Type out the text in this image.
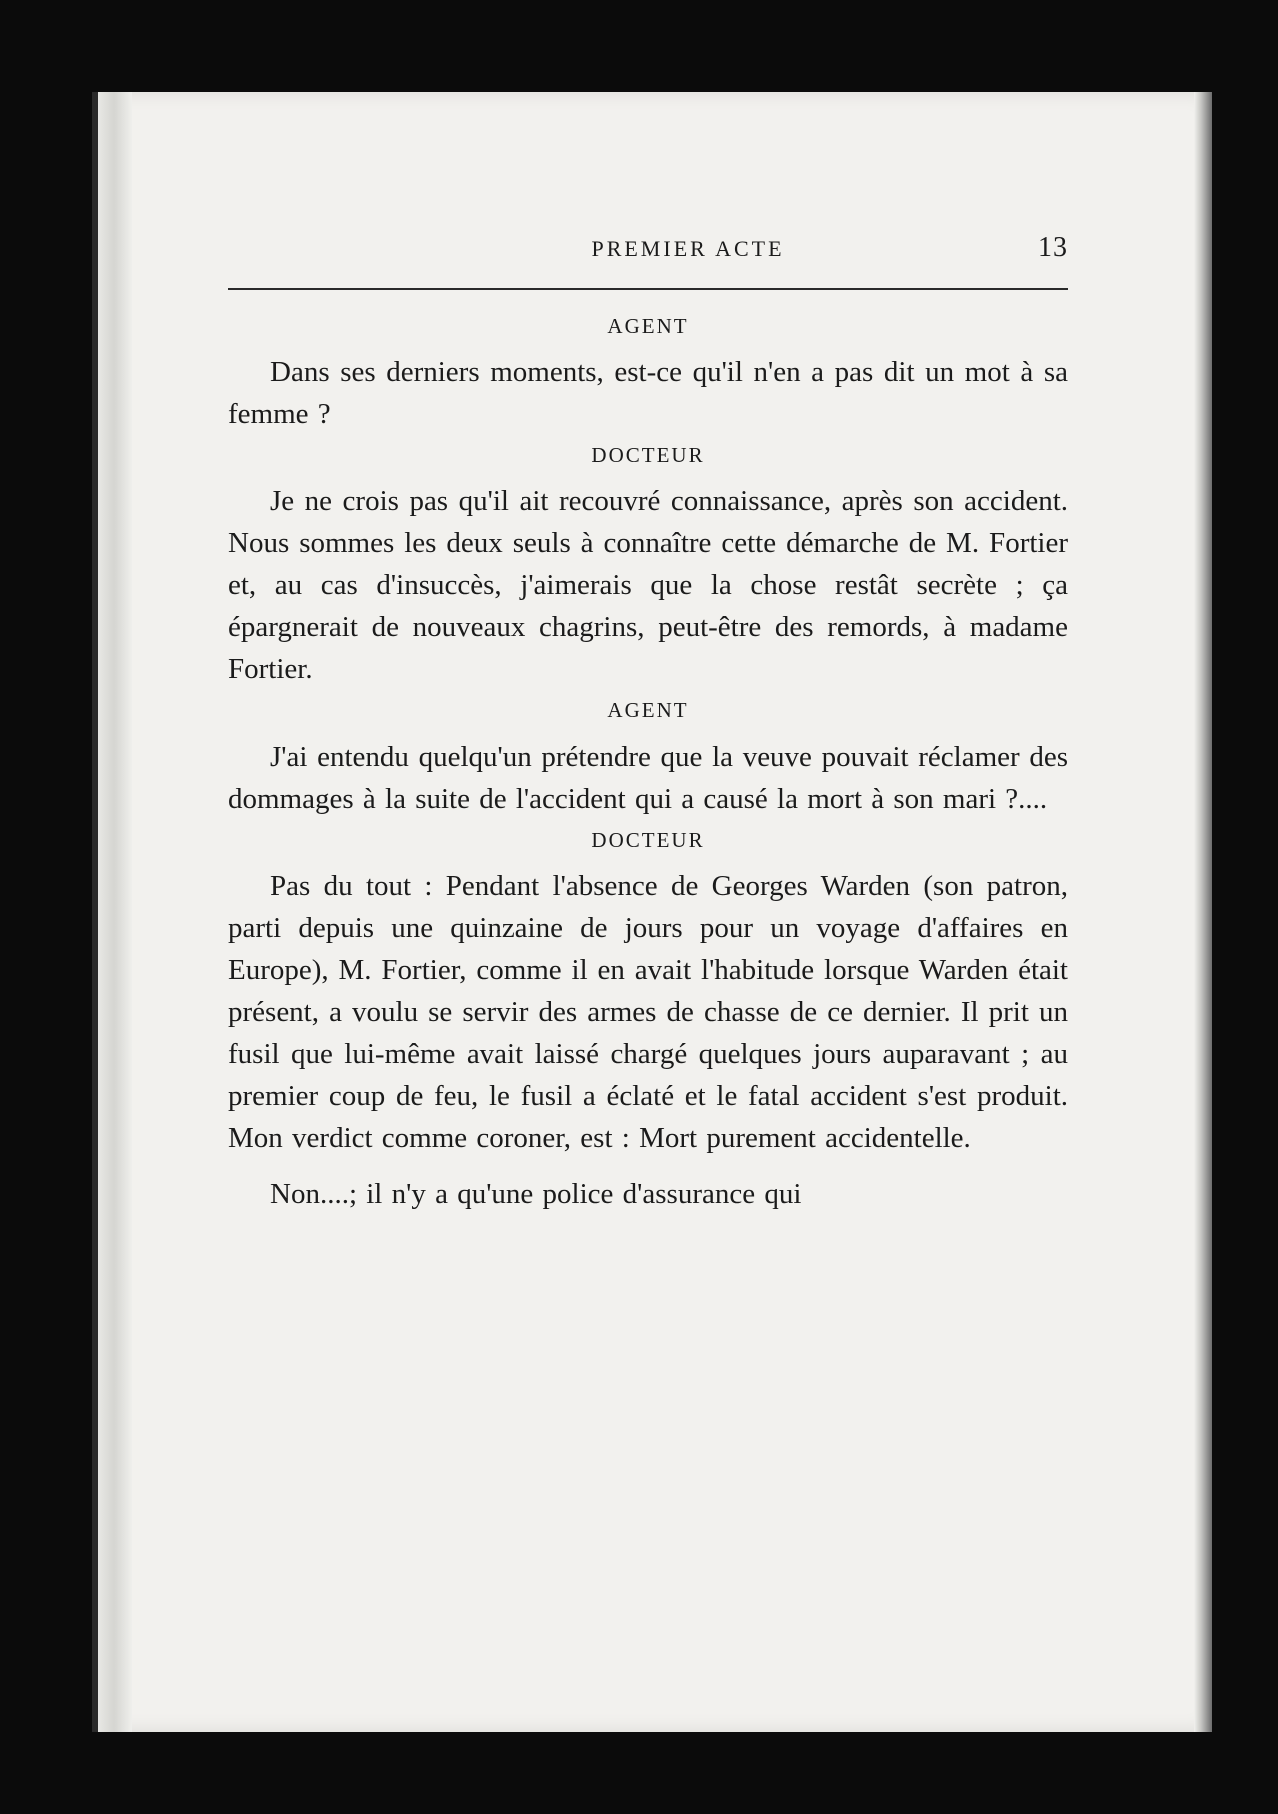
PREMIER ACTE	13
AGENT

Dans ses derniers moments, est-ce qu'il n'en a pas dit un mot à sa femme ?

DOCTEUR

Je ne crois pas qu'il ait recouvré connaissance, après son accident. Nous sommes les deux seuls à connaître cette démarche de M. Fortier et, au cas d'insuccès, j'aimerais que la chose restât secrète ; ça épargnerait de nouveaux chagrins, peut-être des remords, à madame Fortier.

AGENT

J'ai entendu quelqu'un prétendre que la veuve pouvait réclamer des dommages à la suite de l'accident qui a causé la mort à son mari ?....

DOCTEUR

Pas du tout : Pendant l'absence de Georges Warden (son patron, parti depuis une quinzaine de jours pour un voyage d'affaires en Europe), M. Fortier, comme il en avait l'habitude lorsque Warden était présent, a voulu se servir des armes de chasse de ce dernier. Il prit un fusil que lui-même avait laissé chargé quelques jours auparavant ; au premier coup de feu, le fusil a éclaté et le fatal accident s'est produit. Mon verdict comme coroner, est : Mort purement accidentelle.

Non....; il n'y a qu'une police d'assurance qui
